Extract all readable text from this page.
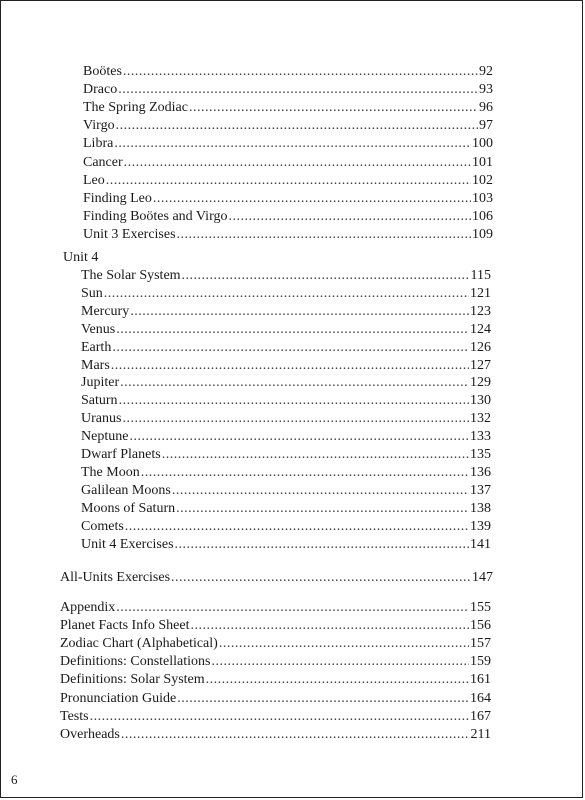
Unit 4
Boötes .....	92
Draco .....	93
The Spring Zodiac .....	96
Virgo .....	97
Libra .....	100
Cancer .....	101
Leo .....	102
Finding Leo .....	103
Finding Boötes and Virgo .....	106
Unit 3 Exercises .....	109
The Solar System .....	115
Sun .....	121
Mercury .....	123
Venus .....	124
Earth .....	126
Mars .....	127
Jupiter .....	129
Saturn .....	130
Uranus .....	132
Neptune .....	133
Dwarf Planets .....	135
The Moon .....	136
Galilean Moons .....	137
Moons of Saturn .....	138
Comets .....	139
Unit 4 Exercises .....	141
All-Units Exercises .....	147
Appendix .....	155
Planet Facts Info Sheet .....	156
Zodiac Chart (Alphabetical) .....	157
Definitions: Constellations .....	159
Definitions: Solar System .....	161
Pronunciation Guide .....	164
Tests .....	167
Overheads .....	211
6
